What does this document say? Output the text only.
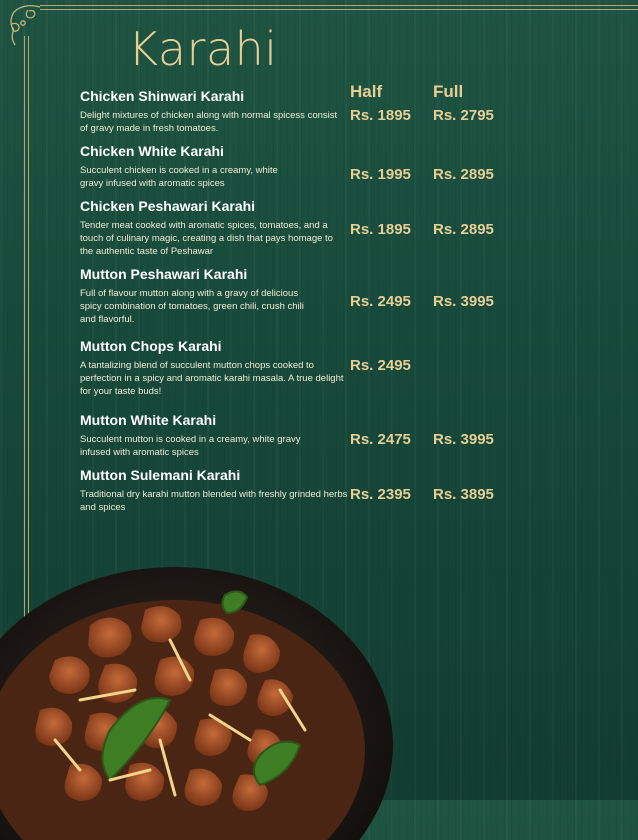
Karahi
Half	Full
Chicken Shinwari Karahi
Delight mixtures of chicken along with normal spicess consist of gravy made in fresh tomatoes.
Rs. 1895 Rs. 2795
Chicken White Karahi
Succulent chicken is cooked in a creamy, white gravy infused with aromatic spices
Rs. 1995 Rs. 2895
Chicken Peshawari Karahi
Tender meat cooked with aromatic spices, tomatoes, and a touch of culinary magic, creating a dish that pays homage to the authentic taste of Peshawar
Rs. 1895 Rs. 2895
Mutton Peshawari Karahi
Full of flavour mutton along with a gravy of delicious spicy combination of tomatoes, green chili, crush chili and flavorful.
Rs. 2495 Rs. 3995
Mutton Chops Karahi
A tantalizing blend of succulent mutton chops cooked to perfection in a spicy and aromatic karahi masala. A true delight for your taste buds!
Rs. 2495
Mutton White Karahi
Succulent mutton is cooked in a creamy, white gravy infused with aromatic spices
Rs. 2475 Rs. 3995
Mutton Sulemani Karahi
Traditional dry karahi mutton blended with freshly grinded herbs and spices
Rs. 2395 Rs. 3895
